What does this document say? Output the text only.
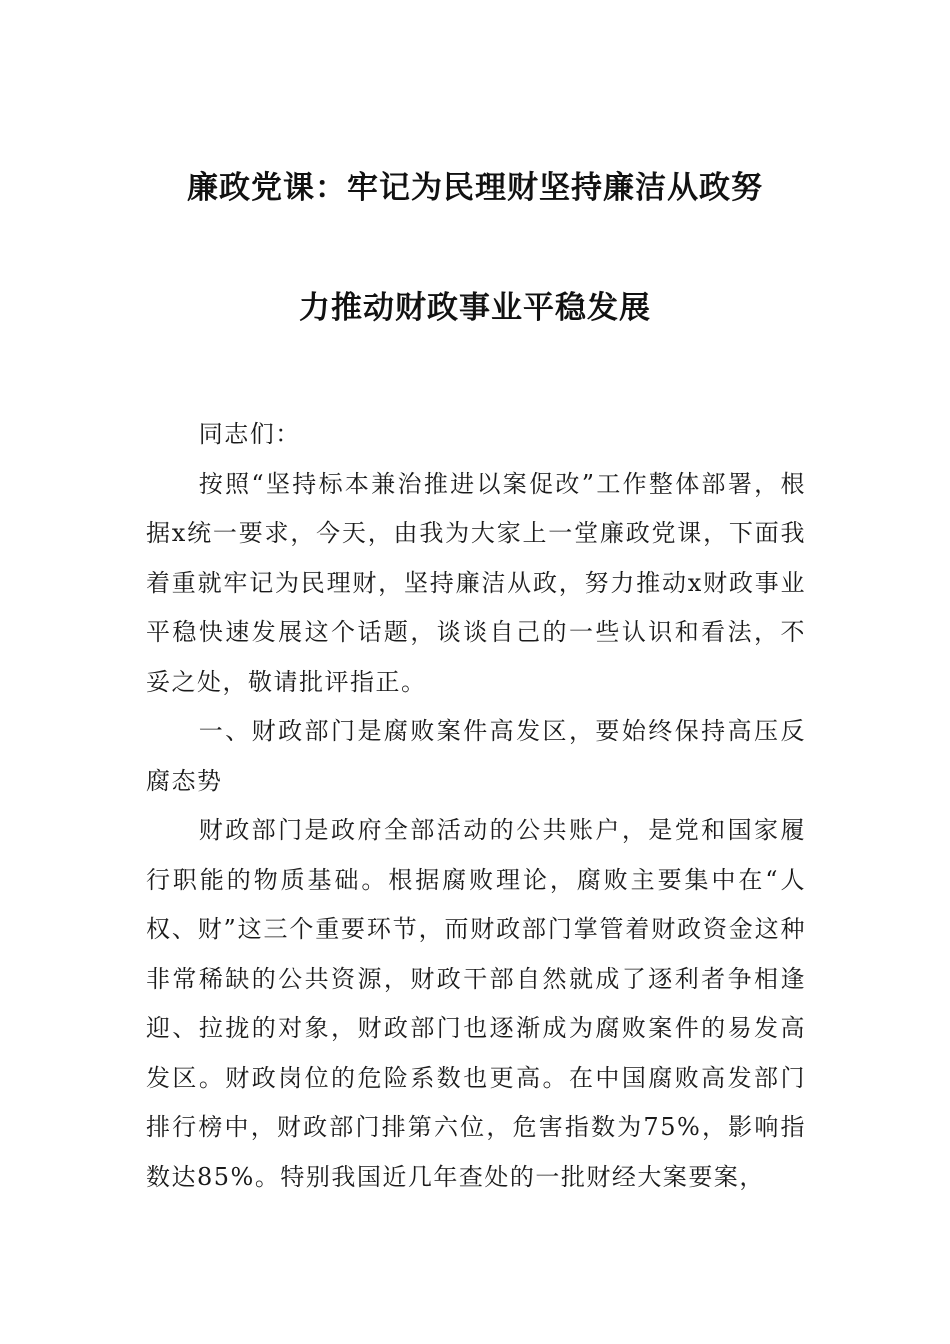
廉政党课：牢记为民理财坚持廉洁从政努
力推动财政事业平稳发展

同志们：

按照“坚持标本兼治推进以案促改”工作整体部署，根据x统一要求，今天，由我为大家上一堂廉政党课，下面我着重就牢记为民理财，坚持廉洁从政，努力推动x财政事业平稳快速发展这个话题，谈谈自己的一些认识和看法，不妥之处，敬请批评指正。

一、财政部门是腐败案件高发区，要始终保持高压反腐态势

财政部门是政府全部活动的公共账户，是党和国家履行职能的物质基础。根据腐败理论，腐败主要集中在“人权、财”这三个重要环节，而财政部门掌管着财政资金这种非常稀缺的公共资源，财政干部自然就成了逐利者争相逢迎、拉拢的对象，财政部门也逐渐成为腐败案件的易发高发区。财政岗位的危险系数也更高。在中国腐败高发部门排行榜中，财政部门排第六位，危害指数为75%，影响指数达85%。特别我国近几年查处的一批财经大案要案，
